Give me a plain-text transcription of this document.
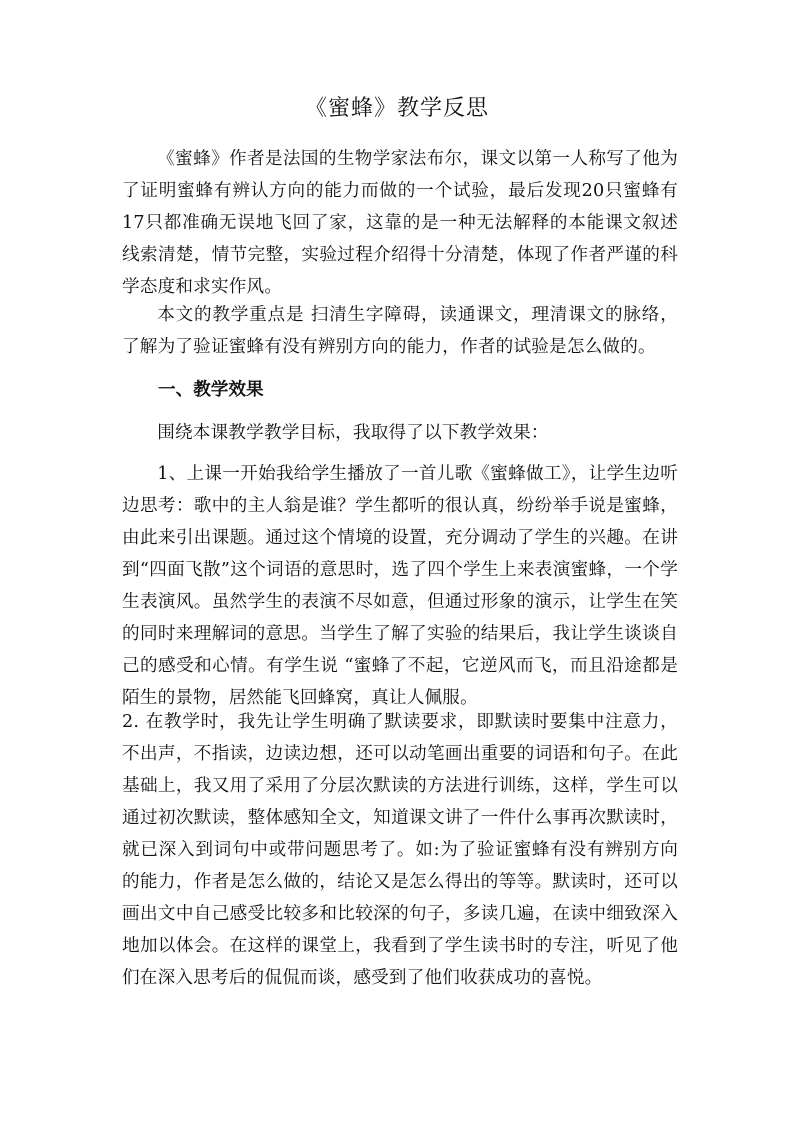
《蜜蜂》教学反思

《蜜蜂》作者是法国的生物学家法布尔，课文以第一人称写了他为了证明蜜蜂有辨认方向的能力而做的一个试验，最后发现20只蜜蜂有17只都准确无误地飞回了家，这靠的是一种无法解释的本能课文叙述线索清楚，情节完整，实验过程介绍得十分清楚，体现了作者严谨的科学态度和求实作风。

本文的教学重点是 扫清生字障碍，读通课文，理清课文的脉络，了解为了验证蜜蜂有没有辨别方向的能力，作者的试验是怎么做的。

一、教学效果

围绕本课教学教学目标，我取得了以下教学效果：

1、上课一开始我给学生播放了一首儿歌《蜜蜂做工》，让学生边听边思考：歌中的主人翁是谁？学生都听的很认真，纷纷举手说是蜜蜂，由此来引出课题。通过这个情境的设置，充分调动了学生的兴趣。在讲到“四面飞散”这个词语的意思时，选了四个学生上来表演蜜蜂，一个学生表演风。虽然学生的表演不尽如意，但通过形象的演示，让学生在笑的同时来理解词的意思。当学生了解了实验的结果后，我让学生谈谈自己的感受和心情。有学生说 “蜜蜂了不起，它逆风而飞，而且沿途都是陌生的景物，居然能飞回蜂窝，真让人佩服。

2. 在教学时，我先让学生明确了默读要求，即默读时要集中注意力，不出声，不指读，边读边想，还可以动笔画出重要的词语和句子。在此基础上，我又用了采用了分层次默读的方法进行训练，这样，学生可以通过初次默读，整体感知全文，知道课文讲了一件什么事再次默读时，就已深入到词句中或带问题思考了。如:为了验证蜜蜂有没有辨别方向的能力，作者是怎么做的，结论又是怎么得出的等等。默读时，还可以画出文中自己感受比较多和比较深的句子，多读几遍，在读中细致深入地加以体会。在这样的课堂上，我看到了学生读书时的专注，听见了他们在深入思考后的侃侃而谈，感受到了他们收获成功的喜悦。
